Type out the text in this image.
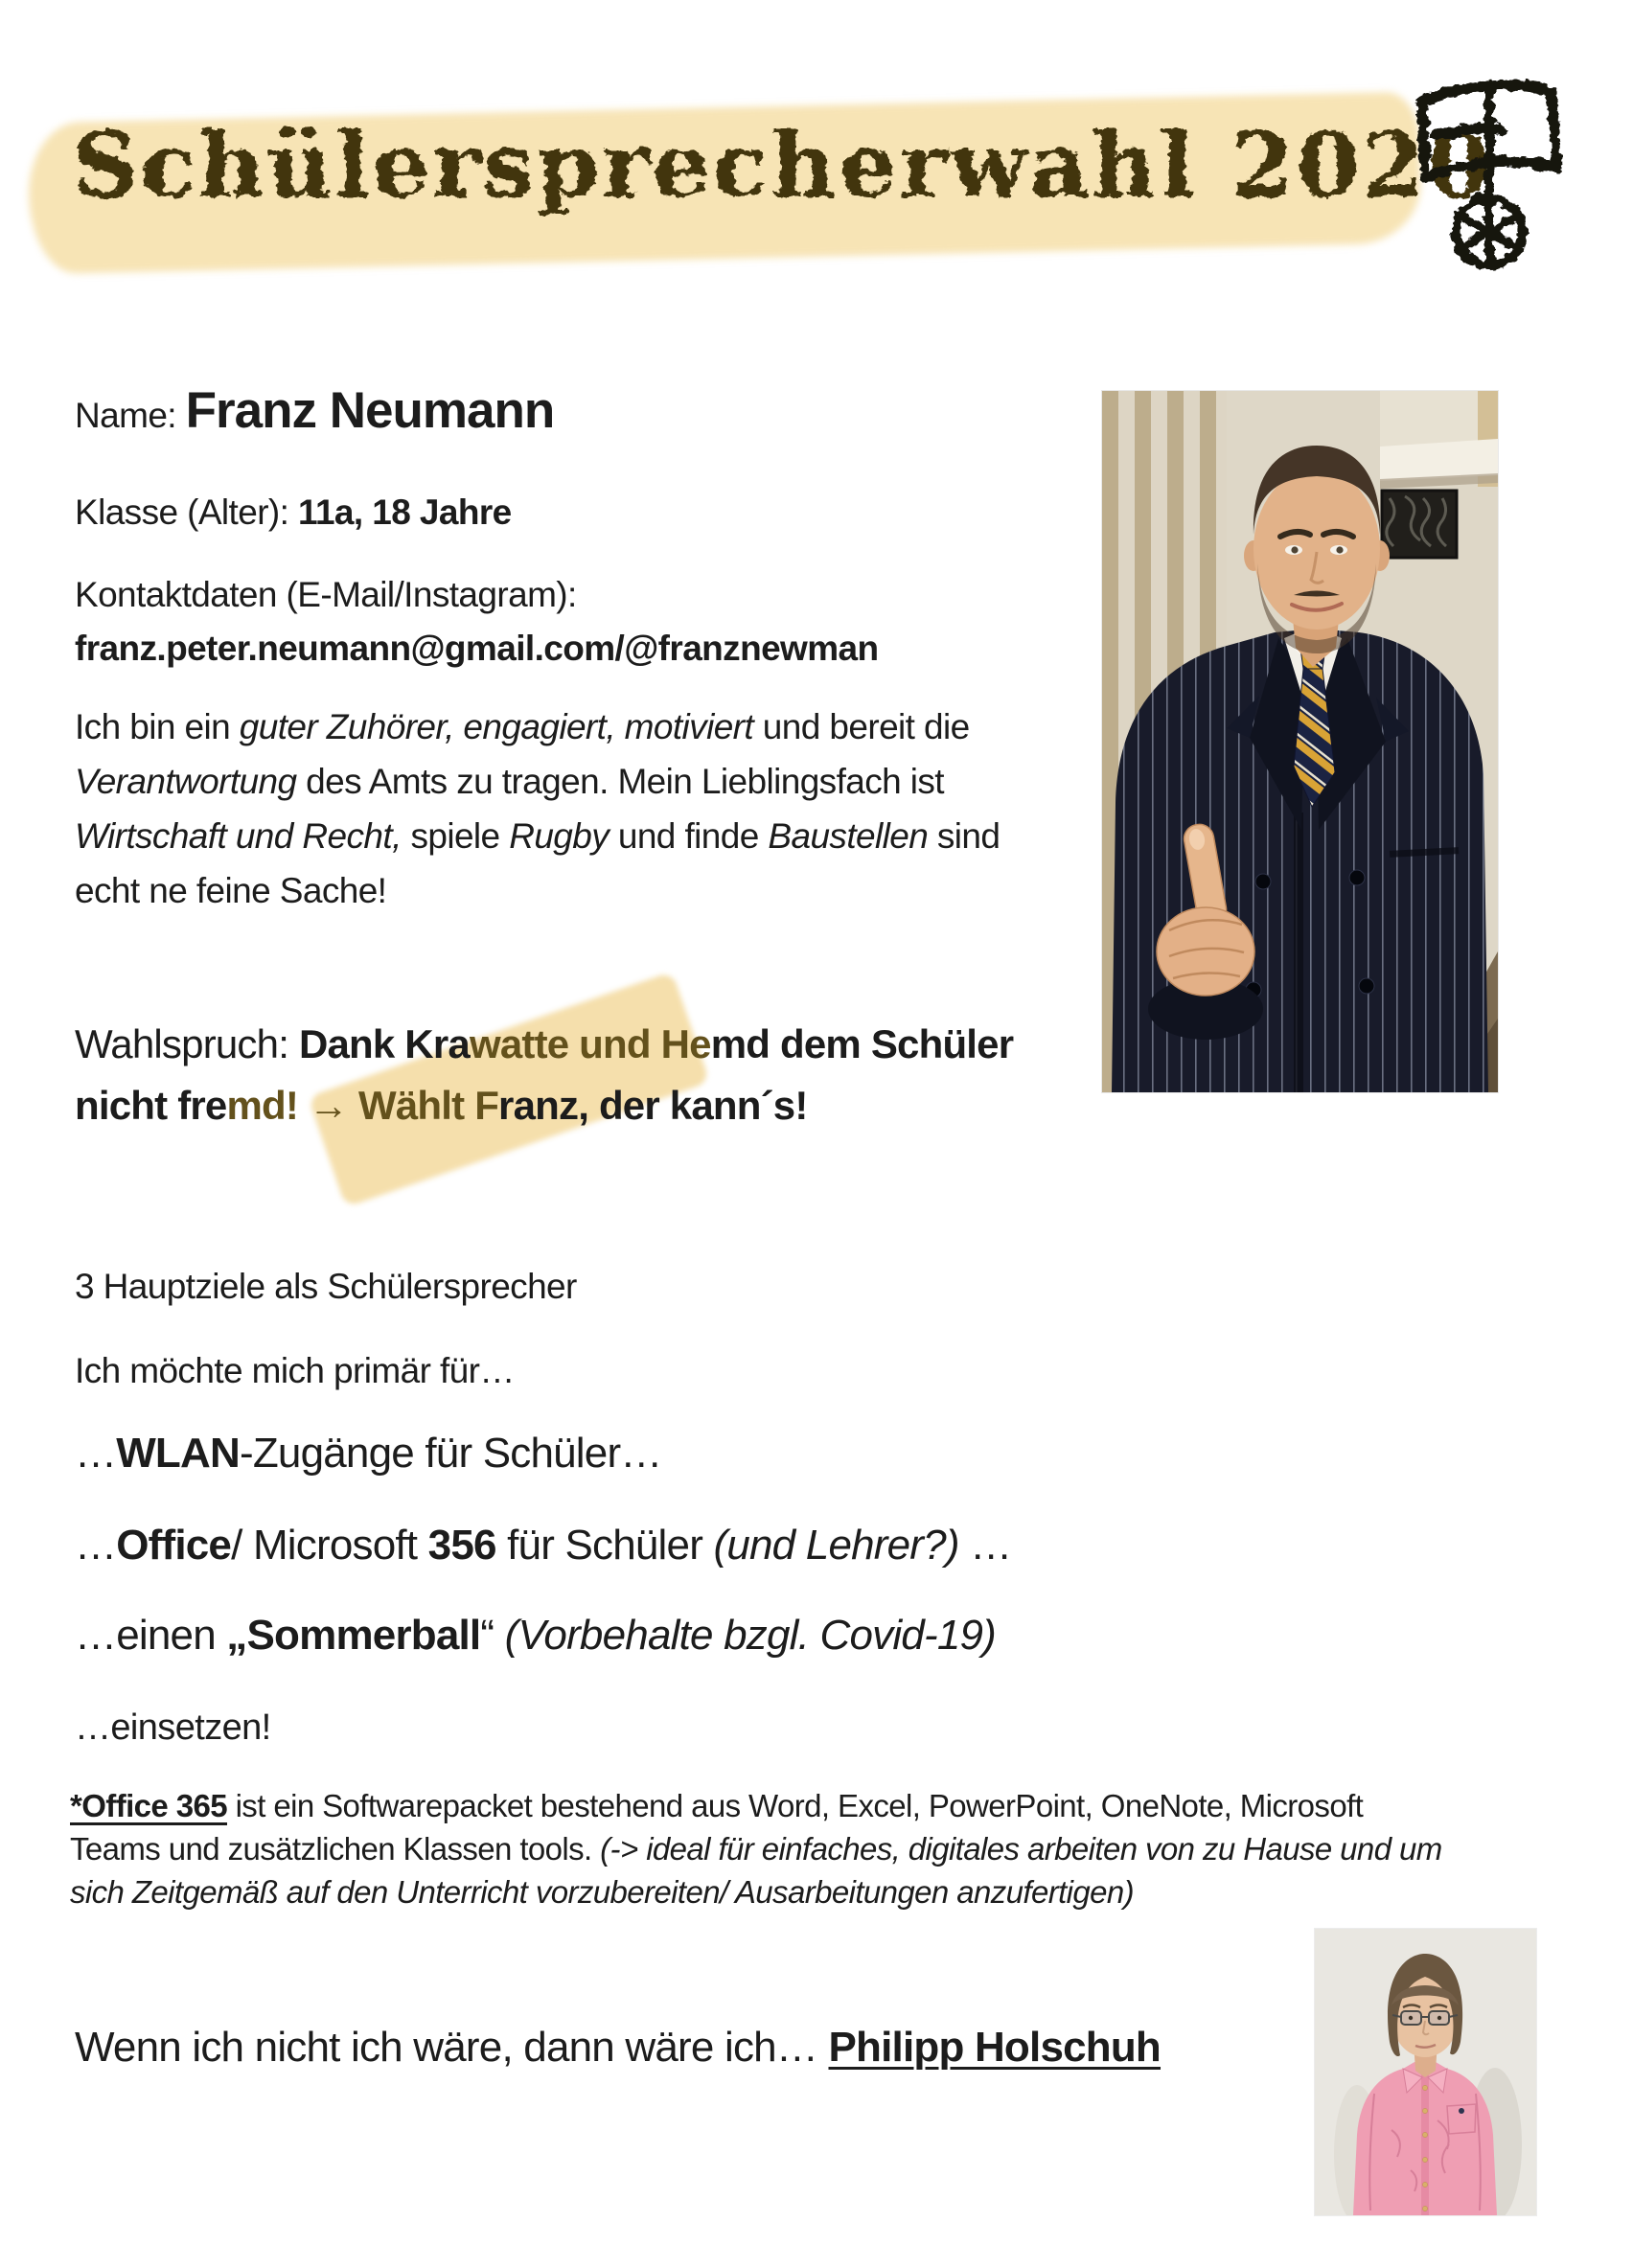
Schülersprecherwahl 2020
Name: Franz Neumann
Klasse (Alter): 11a, 18 Jahre
Kontaktdaten (E-Mail/Instagram):
franz.peter.neumann@gmail.com/@franznewman

Ich bin ein guter Zuhörer, engagiert, motiviert und bereit die
Verantwortung des Amts zu tragen. Mein Lieblingsfach ist
Wirtschaft und Recht, spiele Rugby und finde Baustellen sind
echt ne feine Sache!

Wahlspruch: Dank Krawatte und Hemd dem Schüler
nicht fremd! → Wählt Franz, der kann´s!

3 Hauptziele als Schülersprecher
Ich möchte mich primär für…
…WLAN-Zugänge für Schüler…
…Office/ Microsoft 356 für Schüler (und Lehrer?) …
…einen „Sommerball“ (Vorbehalte bzgl. Covid-19)
…einsetzen!

*Office 365 ist ein Softwarepacket bestehend aus Word, Excel, PowerPoint, OneNote, Microsoft
Teams und zusätzlichen Klassen tools. (-> ideal für einfaches, digitales arbeiten von zu Hause und um
sich Zeitgemäß auf den Unterricht vorzubereiten/ Ausarbeitungen anzufertigen)

Wenn ich nicht ich wäre, dann wäre ich… Philipp Holschuh
